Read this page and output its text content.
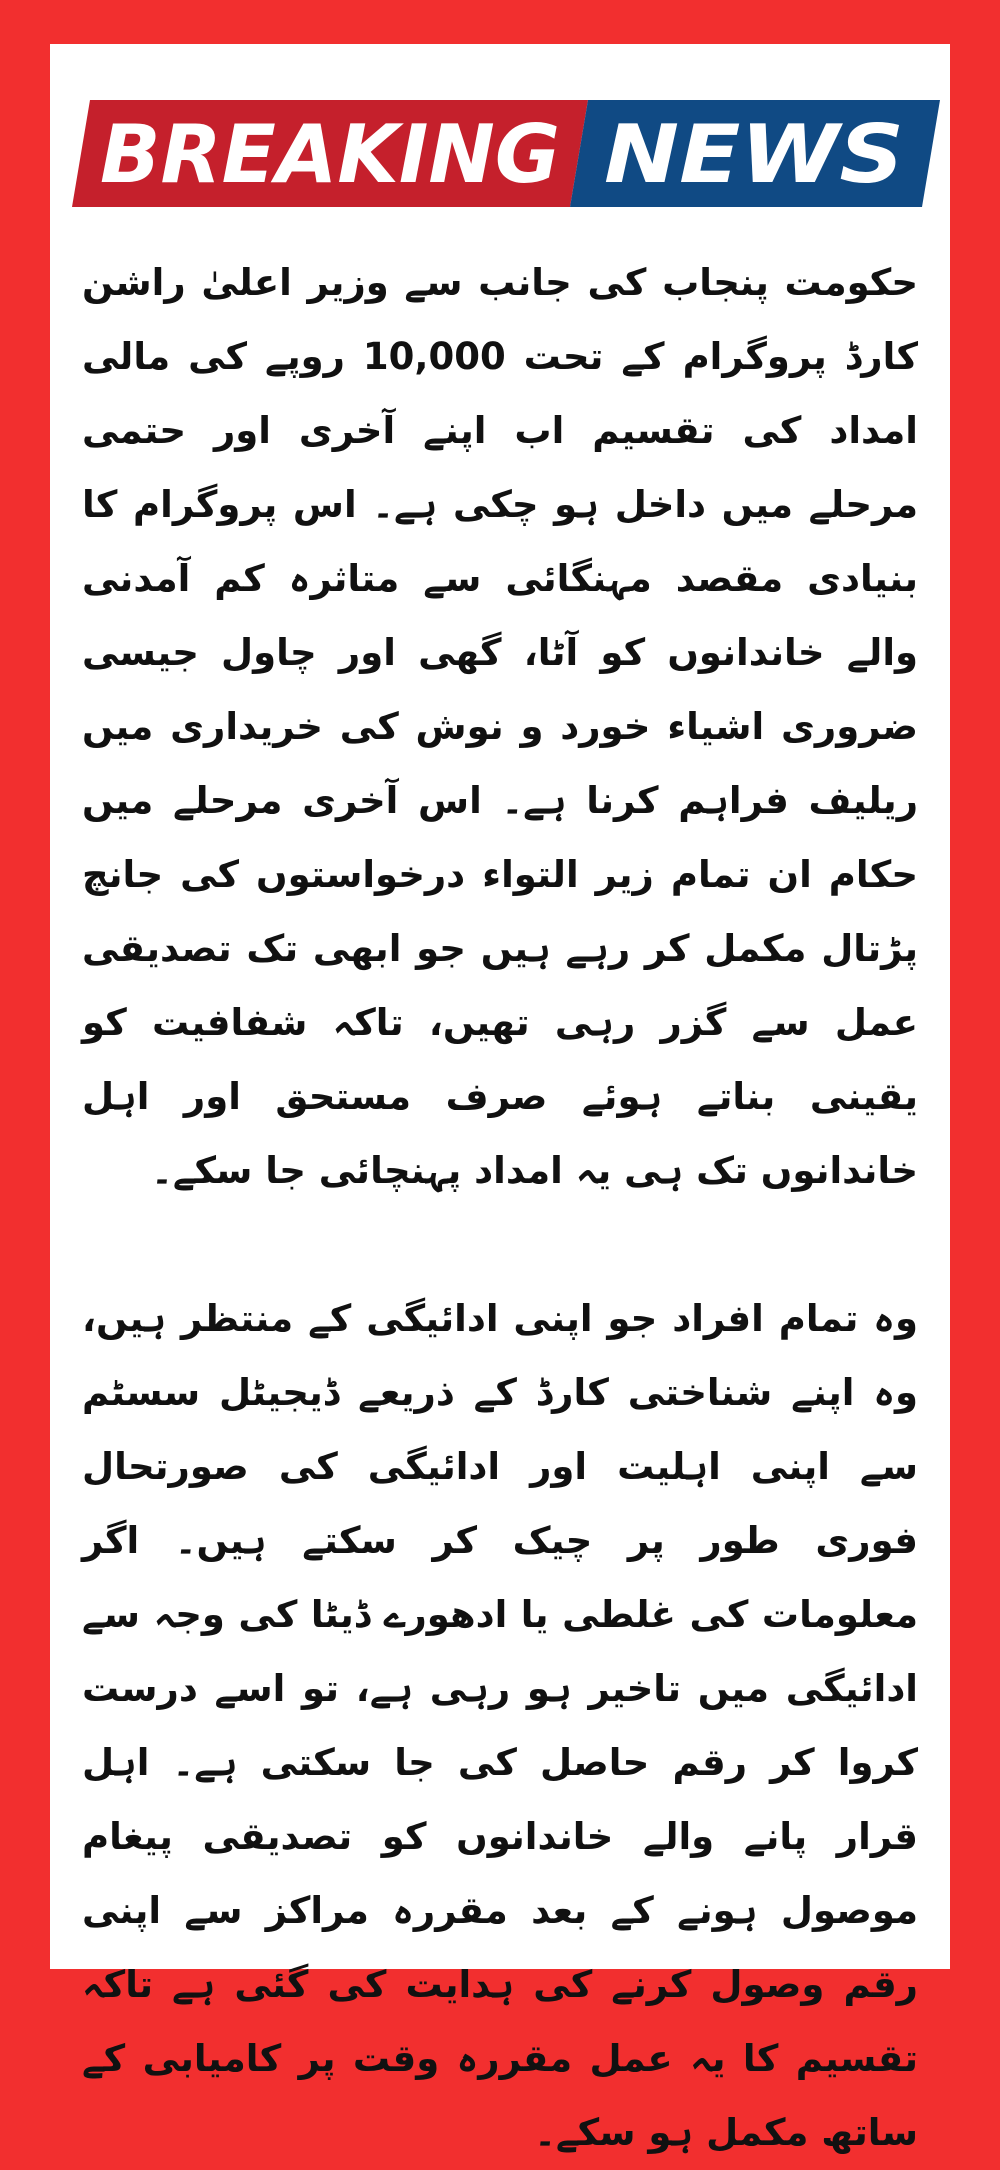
BREAKING NEWS

حکومت پنجاب کی جانب سے وزیر اعلیٰ راشن کارڈ پروگرام کے تحت 10,000 روپے کی مالی امداد کی تقسیم اب اپنے آخری اور حتمی مرحلے میں داخل ہو چکی ہے۔ اس پروگرام کا بنیادی مقصد مہنگائی سے متاثرہ کم آمدنی والے خاندانوں کو آٹا، گھی اور چاول جیسی ضروری اشیاء خورد و نوش کی خریداری میں ریلیف فراہم کرنا ہے۔ اس آخری مرحلے میں حکام ان تمام زیر التواء درخواستوں کی جانچ پڑتال مکمل کر رہے ہیں جو ابھی تک تصدیقی عمل سے گزر رہی تھیں، تاکہ شفافیت کو یقینی بناتے ہوئے صرف مستحق اور اہل خاندانوں تک ہی یہ امداد پہنچائی جا سکے۔

وہ تمام افراد جو اپنی ادائیگی کے منتظر ہیں، وہ اپنے شناختی کارڈ کے ذریعے ڈیجیٹل سسٹم سے اپنی اہلیت اور ادائیگی کی صورتحال فوری طور پر چیک کر سکتے ہیں۔ اگر معلومات کی غلطی یا ادھورے ڈیٹا کی وجہ سے ادائیگی میں تاخیر ہو رہی ہے، تو اسے درست کروا کر رقم حاصل کی جا سکتی ہے۔ اہل قرار پانے والے خاندانوں کو تصدیقی پیغام موصول ہونے کے بعد مقررہ مراکز سے اپنی رقم وصول کرنے کی ہدایت کی گئی ہے تاکہ تقسیم کا یہ عمل مقررہ وقت پر کامیابی کے ساتھ مکمل ہو سکے۔
